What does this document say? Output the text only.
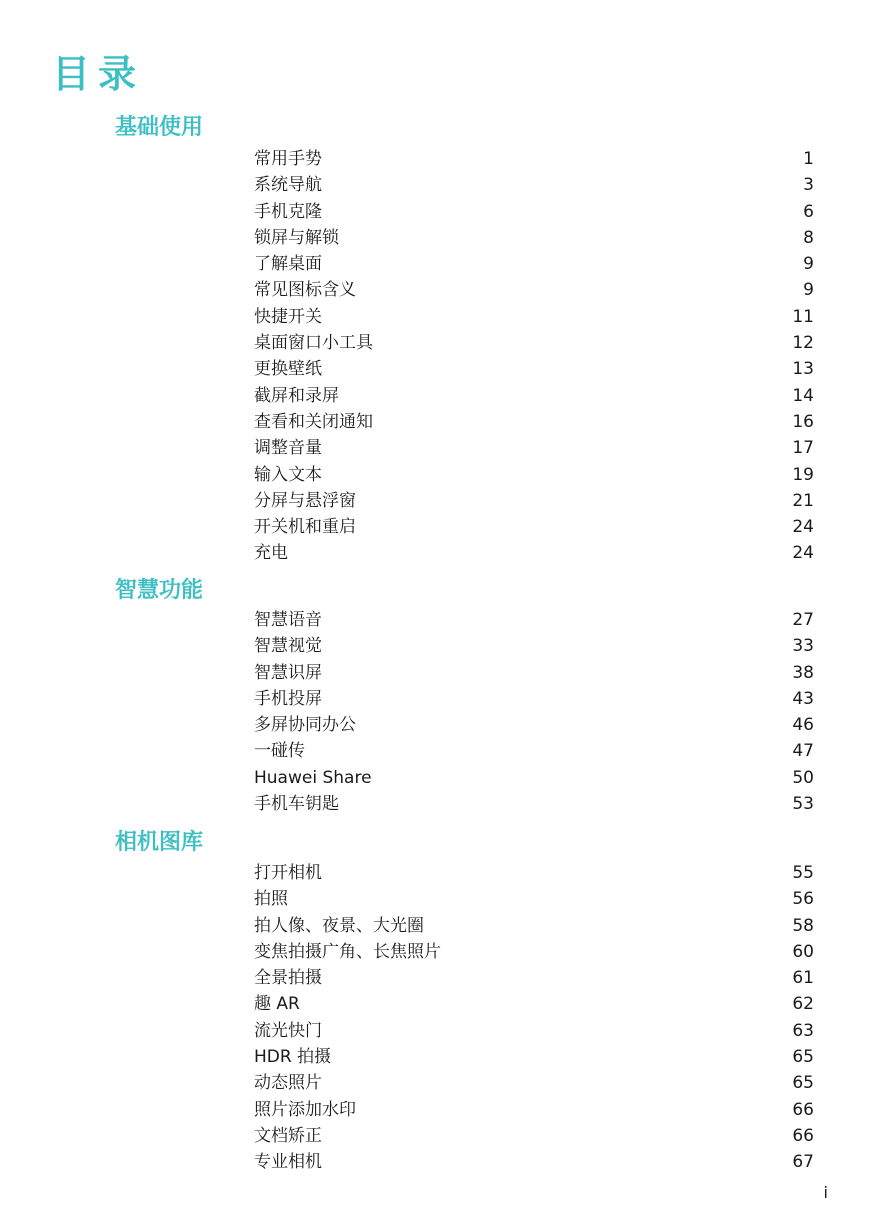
目录
基础使用
常用手势	1
系统导航	3
手机克隆	6
锁屏与解锁	8
了解桌面	9
常见图标含义	9
快捷开关	11
桌面窗口小工具	12
更换壁纸	13
截屏和录屏	14
查看和关闭通知	16
调整音量	17
输入文本	19
分屏与悬浮窗	21
开关机和重启	24
充电	24
智慧功能
智慧语音	27
智慧视觉	33
智慧识屏	38
手机投屏	43
多屏协同办公	46
一碰传	47
Huawei Share	50
手机车钥匙	53
相机图库
打开相机	55
拍照	56
拍人像、夜景、大光圈	58
变焦拍摄广角、长焦照片	60
全景拍摄	61
趣 AR	62
流光快门	63
HDR 拍摄	65
动态照片	65
照片添加水印	66
文档矫正	66
专业相机	67
i
